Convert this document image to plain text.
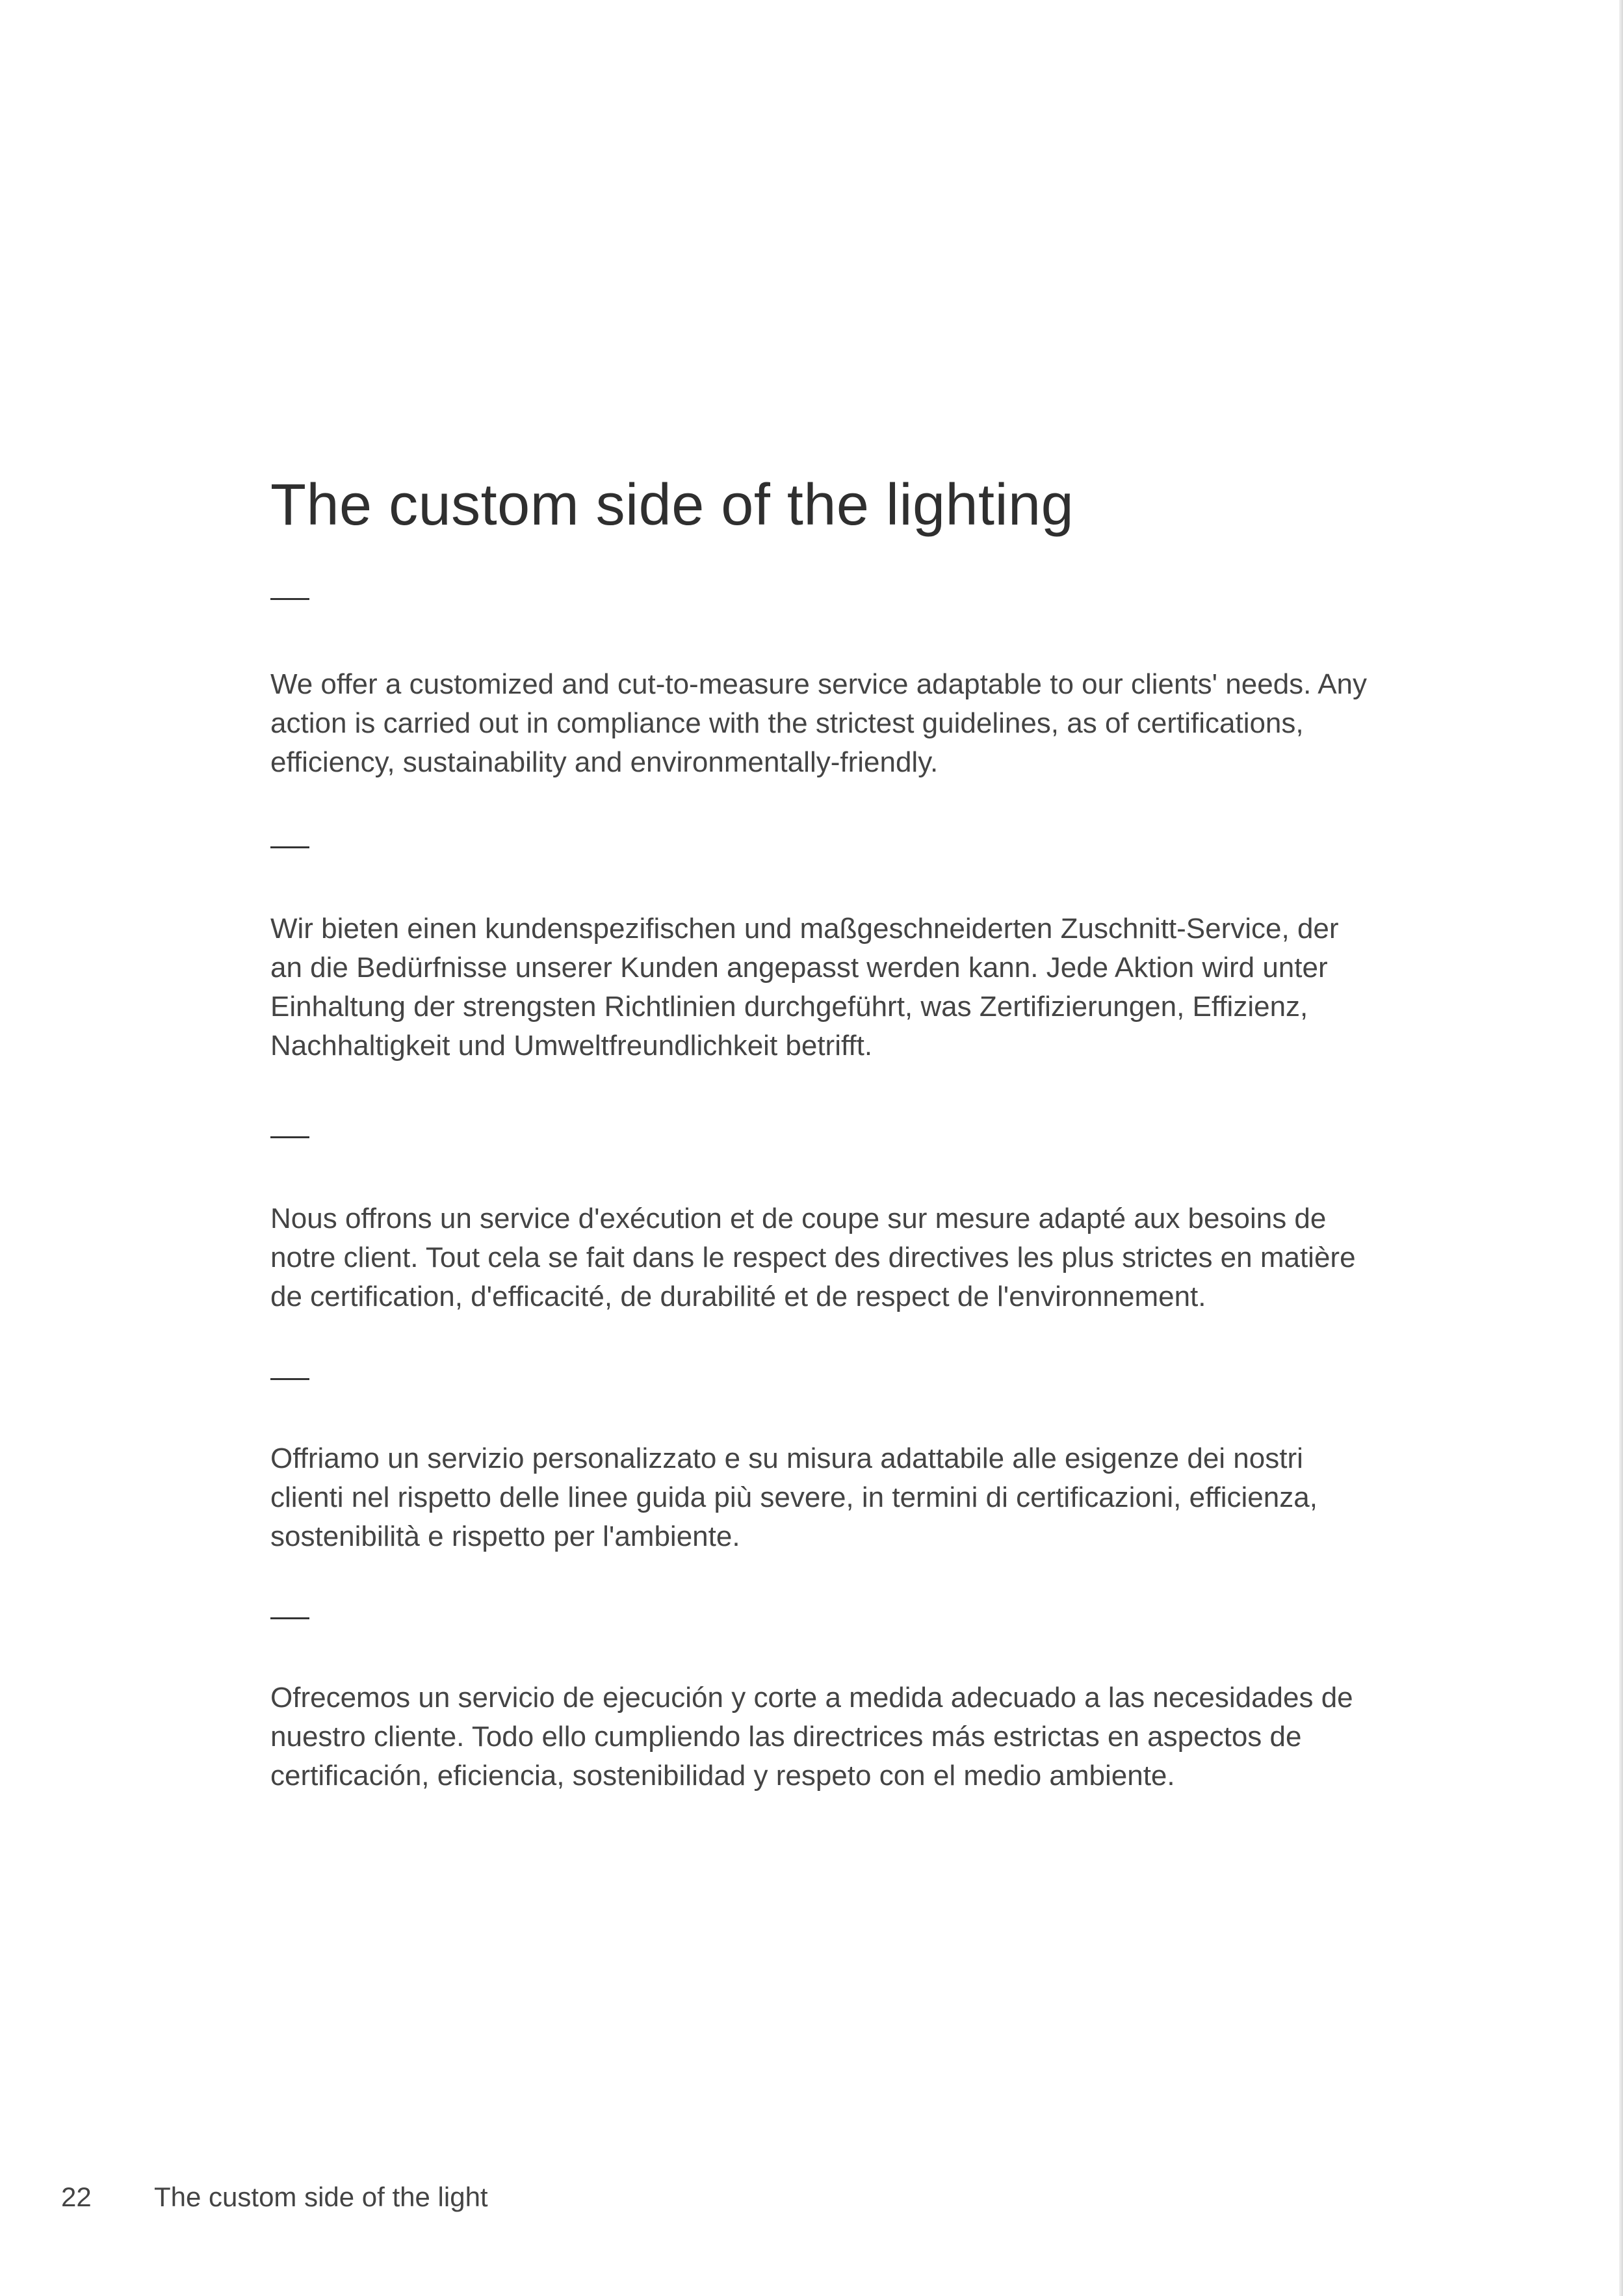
The custom side of the lighting

We offer a customized and cut-to-measure service adaptable to our clients' needs. Any action is carried out in compliance with the strictest guidelines, as of certifications, efficiency, sustainability and environmentally-friendly.

Wir bieten einen kundenspezifischen und maßgeschneiderten Zuschnitt-Service, der an die Bedürfnisse unserer Kunden angepasst werden kann. Jede Aktion wird unter Einhaltung der strengsten Richtlinien durchgeführt, was Zertifizierungen, Effizienz, Nachhaltigkeit und Umweltfreundlichkeit betrifft.

Nous offrons un service d'exécution et de coupe sur mesure adapté aux besoins de notre client. Tout cela se fait dans le respect des directives les plus strictes en matière de certification, d'efficacité, de durabilité et de respect de l'environnement.

Offriamo un servizio personalizzato e su misura adattabile alle esigenze dei nostri clienti nel rispetto delle linee guida più severe, in termini di certificazioni, efficienza, sostenibilità e rispetto per l'ambiente.

Ofrecemos un servicio de ejecución y corte a medida adecuado a las necesidades de nuestro cliente. Todo ello cumpliendo las directrices más estrictas en aspectos de certificación, eficiencia, sostenibilidad y respeto con el medio ambiente.

22 The custom side of the light
